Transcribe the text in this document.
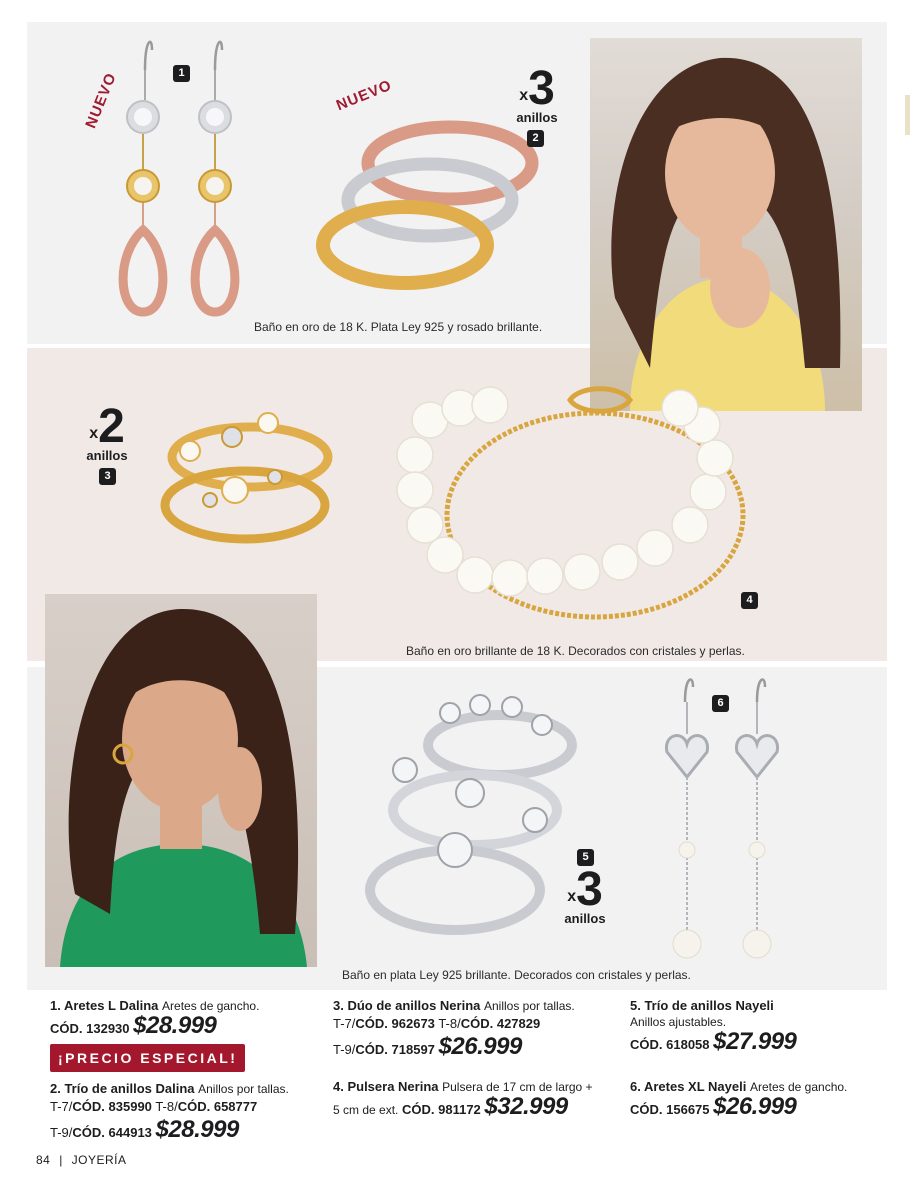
NUEVO	1
NUEVO	x3
anillos
2
Baño en oro de 18 K. Plata Ley 925 y rosado brillante.
x2
anillos
3
4
Baño en oro brillante de 18 K. Decorados con cristales y perlas.
5
x3
anillos
6
Baño en plata Ley 925 brillante. Decorados con cristales y perlas.
1. Aretes L Dalina Aretes de gancho.
CÓD. 132930 $28.999
¡PRECIO ESPECIAL!
2. Trío de anillos Dalina Anillos por tallas.
T-7/CÓD. 835990 T-8/CÓD. 658777
T-9/CÓD. 644913 $28.999
3. Dúo de anillos Nerina Anillos por tallas.
T-7/CÓD. 962673 T-8/CÓD. 427829
T-9/CÓD. 718597 $26.999
4. Pulsera Nerina Pulsera de 17 cm de largo +
5 cm de ext. CÓD. 981172 $32.999
5. Trío de anillos Nayeli
Anillos ajustables.
CÓD. 618058 $27.999
6. Aretes XL Nayeli Aretes de gancho.
CÓD. 156675 $26.999
84 | JOYERÍA
